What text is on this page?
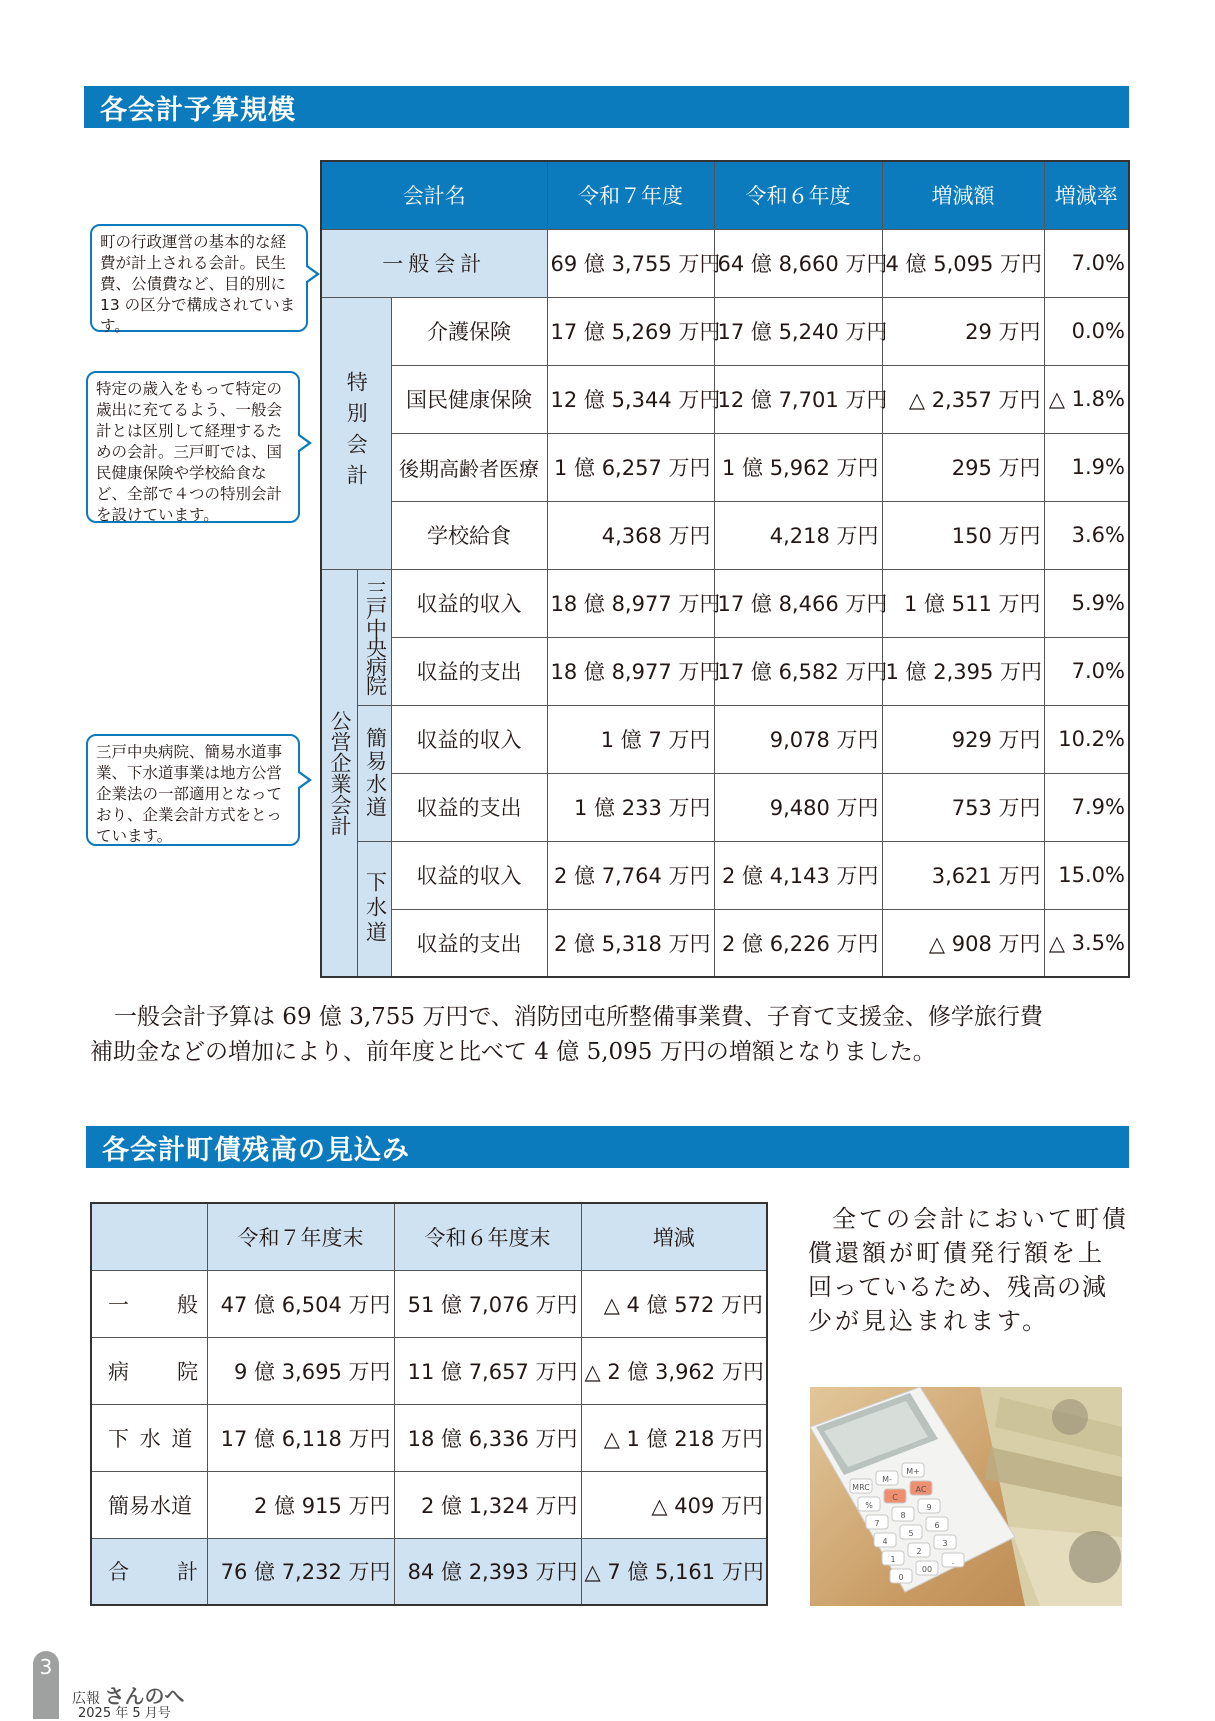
各会計予算規模
町の行政運営の基本的な経費が計上される会計。民生費、公債費など、目的別に 13 の区分で構成されています。
特定の歳入をもって特定の歳出に充てるよう、一般会計とは区別して経理するための会計。三戸町では、国民健康保険や学校給食など、全部で４つの特別会計を設けています。
三戸中央病院、簡易水道事業、下水道事業は地方公営企業法の一部適用となっており、企業会計方式をとっています。
会計名			令和７年度	令和６年度	増減額	増減率
一般会計			69 億 3,755 万円	64 億 8,660 万円	4 億 5,095 万円	7.0%

特別会計		介護保険	17 億 5,269 万円	17 億 5,240 万円	29 万円	0.0%
		国民健康保険	12 億 5,344 万円	12 億 7,701 万円	△ 2,357 万円	△ 1.8%
		後期高齢者医療	1 億 6,257 万円	1 億 5,962 万円	295 万円	1.9%
		学校給食	4,368 万円	4,218 万円	150 万円	3.6%

公営企業会計	三戸中央病院	収益的収入	18 億 8,977 万円	17 億 8,466 万円	1 億 511 万円	5.9%
		収益的支出	18 億 8,977 万円	17 億 6,582 万円	1 億 2,395 万円	7.0%

	簡易水道	収益的収入	1 億 7 万円	9,078 万円	929 万円	10.2%
		収益的支出	1 億 233 万円	9,480 万円	753 万円	7.9%

	下水道	収益的収入	2 億 7,764 万円	2 億 4,143 万円	3,621 万円	15.0%
		収益的支出	2 億 5,318 万円	2 億 6,226 万円	△ 908 万円	△ 3.5%
一般会計予算は 69 億 3,755 万円で、消防団屯所整備事業費、子育て支援金、修学旅行費
補助金などの増加により、前年度と比べて 4 億 5,095 万円の増額となりました。
各会計町債残高の見込み
	令和７年度末	令和６年度末	増減
一　　般	47 億 6,504 万円	51 億 7,076 万円	△ 4 億 572 万円
病　　院	9 億 3,695 万円	11 億 7,657 万円	△ 2 億 3,962 万円
下 水 道	17 億 6,118 万円	18 億 6,336 万円	△ 1 億 218 万円
簡易水道	2 億 915 万円	2 億 1,324 万円	△ 409 万円
合　　計	76 億 7,232 万円	84 億 2,393 万円	△ 7 億 5,161 万円
全ての会計において町債
償還額が町債発行額を上
回っているため、残高の減
少が見込まれます。
MRC
M-
M+
%
C
AC
7
8
9
4
5
6
1
2
3
0
00
.
3
広報 さんのへ
2025 年 5 月号
